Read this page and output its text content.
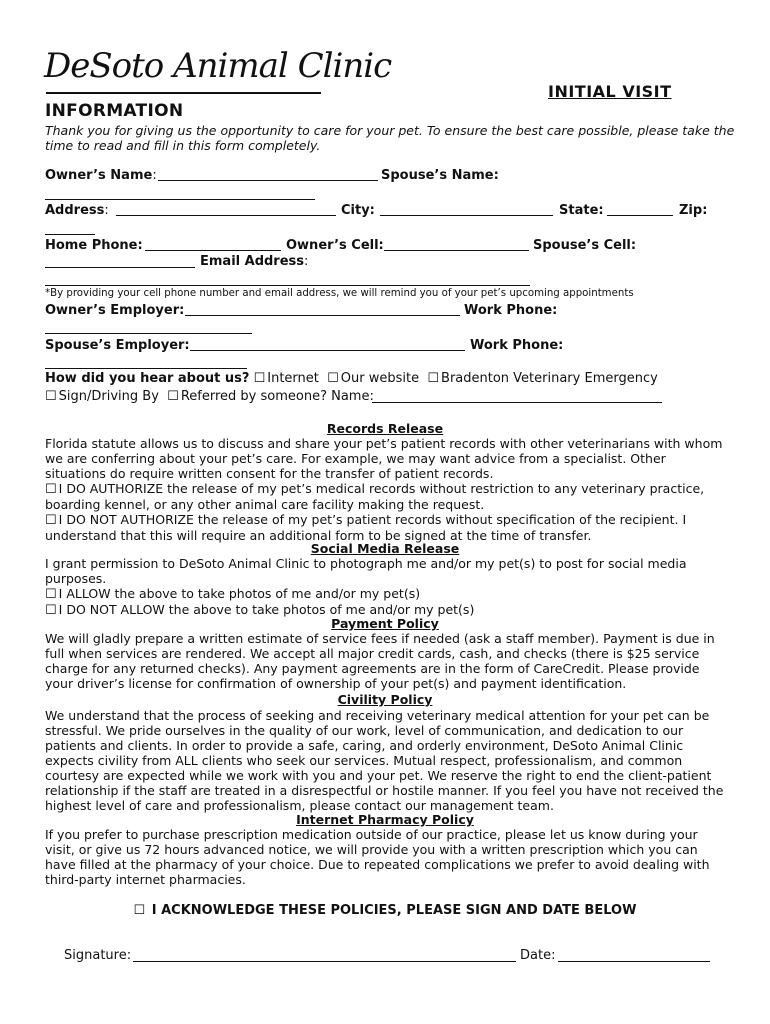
DeSoto Animal Clinic
INITIAL VISIT
INFORMATION
Thank you for giving us the opportunity to care for your pet. To ensure the best care possible, please take the time to read and fill in this form completely.
Owner’s Name:	Spouse’s Name:
Address:	City:	State:	Zip:
Home Phone:	Owner’s Cell:	Spouse’s Cell:
Email Address:
*By providing your cell phone number and email address, we will remind you of your pet’s upcoming appointments
Owner’s Employer:	Work Phone:
Spouse’s Employer:	Work Phone:
How did you hear about us? ☐ Internet ☐ Our website ☐ Bradenton Veterinary Emergency
☐ Sign/Driving By ☐ Referred by someone? Name:
Records Release

Florida statute allows us to discuss and share your pet’s patient records with other veterinarians with whom we are conferring about your pet’s care. For example, we may want advice from a specialist. Other situations do require written consent for the transfer of patient records.

☐ I DO AUTHORIZE the release of my pet’s medical records without restriction to any veterinary practice, boarding kennel, or any other animal care facility making the request.

☐ I DO NOT AUTHORIZE the release of my pet’s patient records without specification of the recipient. I understand that this will require an additional form to be signed at the time of transfer.

Social Media Release

I grant permission to DeSoto Animal Clinic to photograph me and/or my pet(s) to post for social media purposes.

☐ I ALLOW the above to take photos of me and/or my pet(s)

☐ I DO NOT ALLOW the above to take photos of me and/or my pet(s)

Payment Policy
We will gladly prepare a written estimate of service fees if needed (ask a staff member). Payment is due in full when services are rendered. We accept all major credit cards, cash, and checks (there is $25 service charge for any returned checks). Any payment agreements are in the form of CareCredit. Please provide your driver’s license for confirmation of ownership of your pet(s) and payment identification.
Civility Policy
We understand that the process of seeking and receiving veterinary medical attention for your pet can be stressful. We pride ourselves in the quality of our work, level of communication, and dedication to our patients and clients. In order to provide a safe, caring, and orderly environment, DeSoto Animal Clinic expects civility from ALL clients who seek our services. Mutual respect, professionalism, and common courtesy are expected while we work with you and your pet. We reserve the right to end the client-patient relationship if the staff are treated in a disrespectful or hostile manner. If you feel you have not received the highest level of care and professionalism, please contact our management team.
Internet Pharmacy Policy
If you prefer to purchase prescription medication outside of our practice, please let us know during your visit, or give us 72 hours advanced notice, we will provide you with a written prescription which you can have filled at the pharmacy of your choice. Due to repeated complications we prefer to avoid dealing with third-party internet pharmacies.
☐ I ACKNOWLEDGE THESE POLICIES, PLEASE SIGN AND DATE BELOW
Signature:	Date:
